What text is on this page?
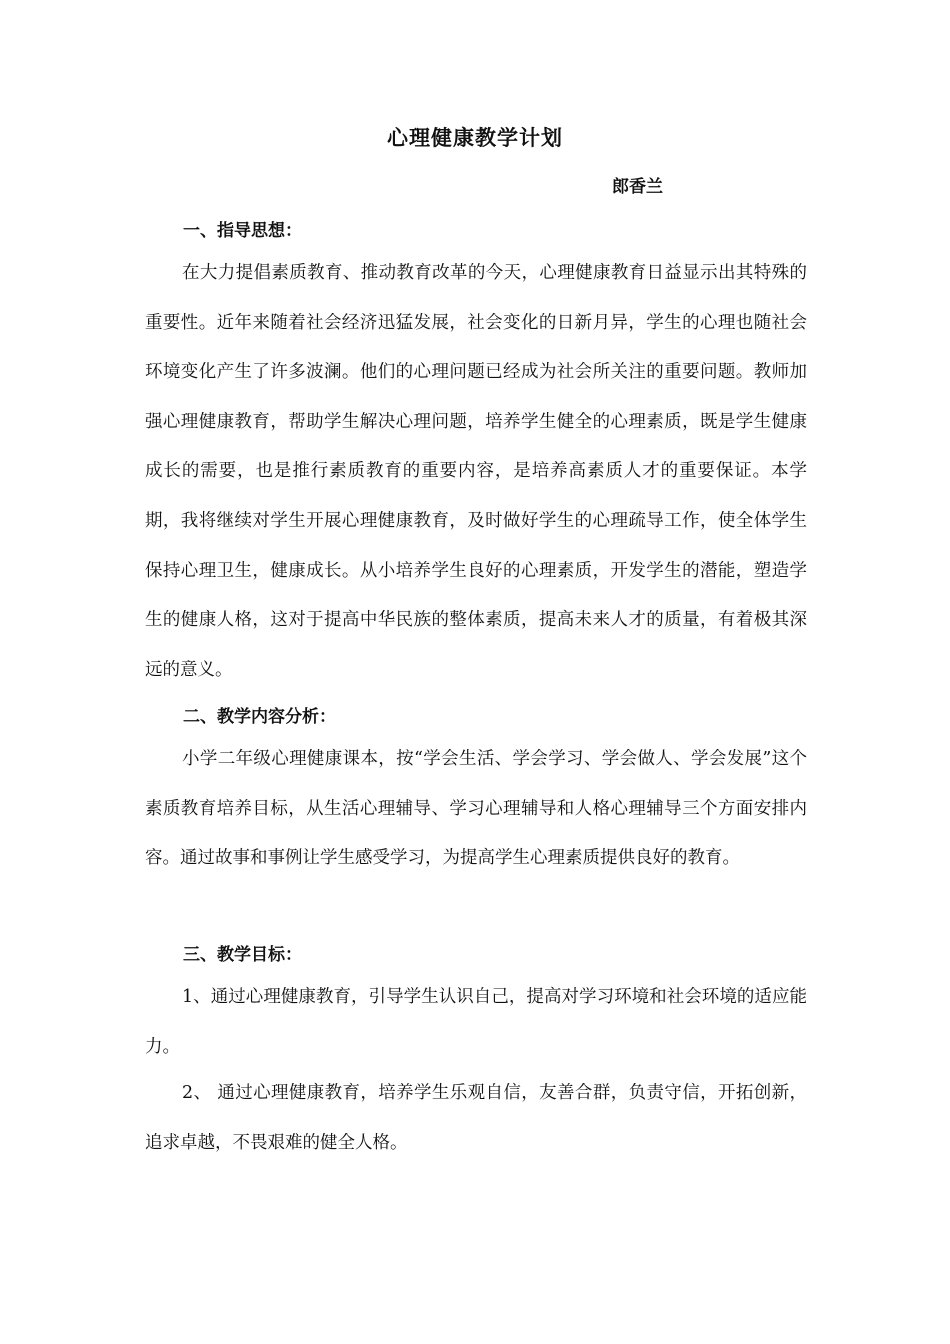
心理健康教学计划
郎香兰
一、指导思想：

在大力提倡素质教育、推动教育改革的今天，心理健康教育日益显示出其特殊的重要性。近年来随着社会经济迅猛发展，社会变化的日新月异，学生的心理也随社会环境变化产生了许多波澜。他们的心理问题已经成为社会所关注的重要问题。教师加强心理健康教育，帮助学生解决心理问题，培养学生健全的心理素质，既是学生健康成长的需要，也是推行素质教育的重要内容，是培养高素质人才的重要保证。本学期，我将继续对学生开展心理健康教育，及时做好学生的心理疏导工作，使全体学生保持心理卫生，健康成长。从小培养学生良好的心理素质，开发学生的潜能，塑造学生的健康人格，这对于提高中华民族的整体素质，提高未来人才的质量，有着极其深远的意义。

二、教学内容分析：

小学二年级心理健康课本，按“学会生活、学会学习、学会做人、学会发展”这个素质教育培养目标，从生活心理辅导、学习心理辅导和人格心理辅导三个方面安排内容。通过故事和事例让学生感受学习，为提高学生心理素质提供良好的教育。

三、教学目标：

1、通过心理健康教育，引导学生认识自己，提高对学习环境和社会环境的适应能力。

2、 通过心理健康教育，培养学生乐观自信，友善合群，负责守信，开拓创新，追求卓越，不畏艰难的健全人格。
